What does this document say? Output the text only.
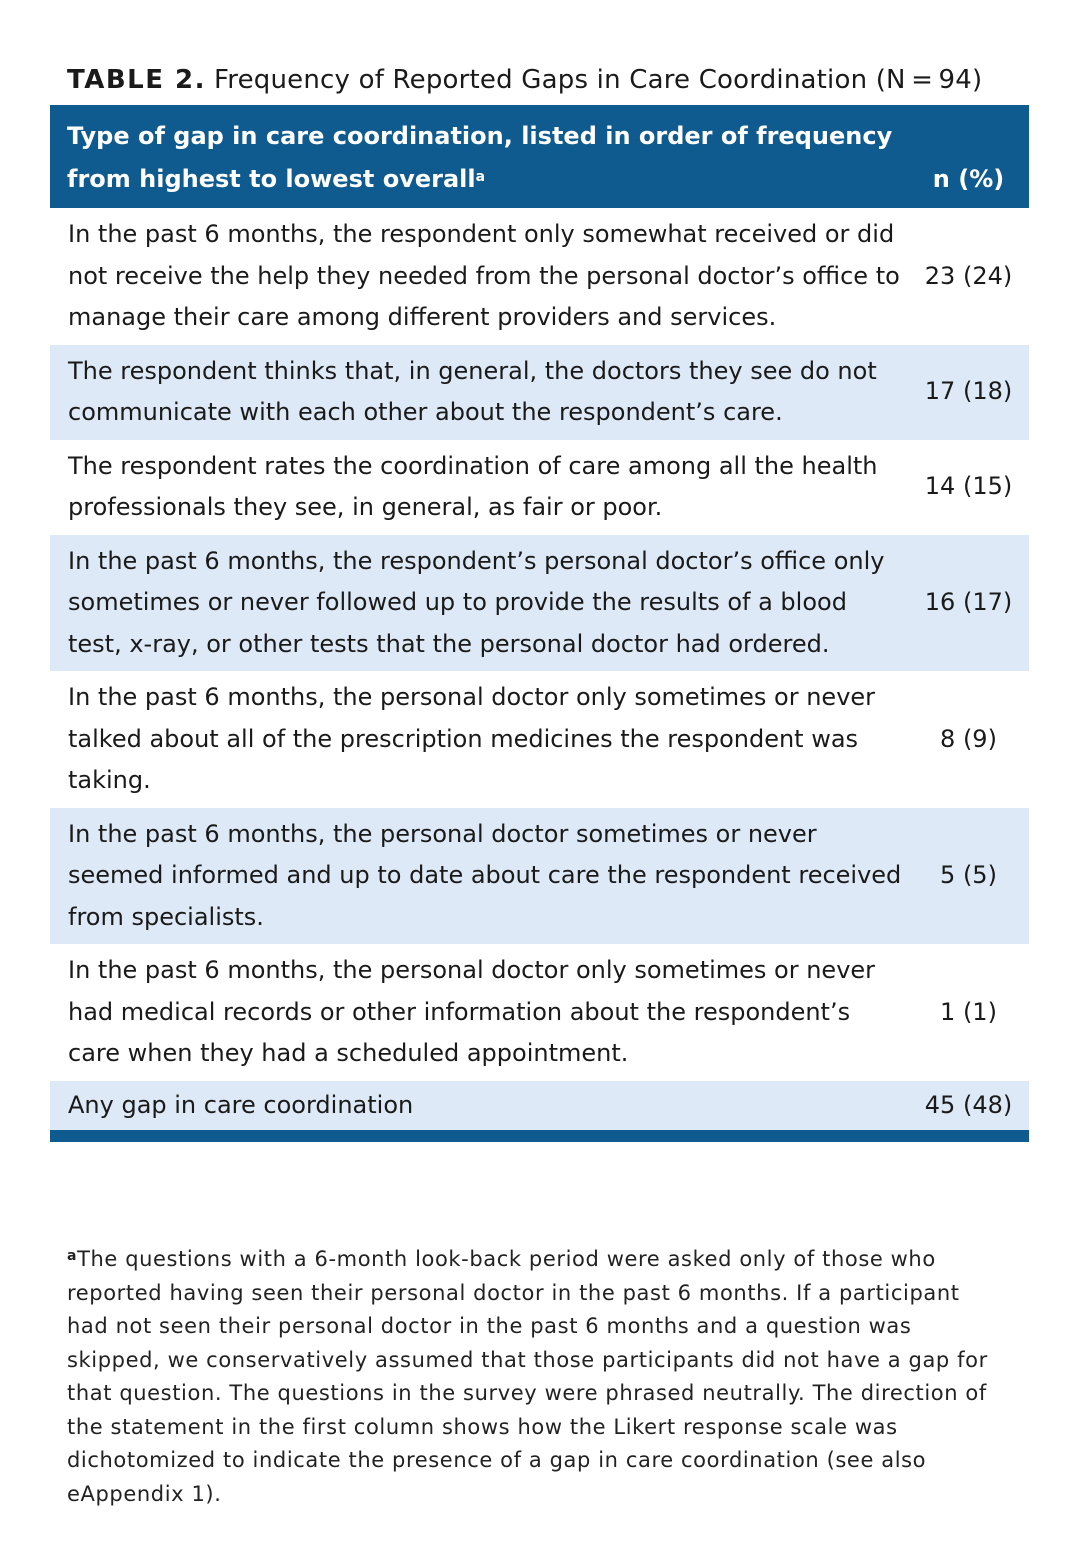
TABLE 2. Frequency of Reported Gaps in Care Coordination (N = 94)
Type of gap in care coordination, listed in order of frequency from highest to lowest overall$^a$	n (%)
In the past 6 months, the respondent only somewhat received or did not receive the help they needed from the personal doctor’s office to manage their care among different providers and services.	23 (24)
The respondent thinks that, in general, the doctors they see do not communicate with each other about the respondent’s care.	17 (18)
The respondent rates the coordination of care among all the health professionals they see, in general, as fair or poor.	14 (15)
In the past 6 months, the respondent’s personal doctor’s office only sometimes or never followed up to provide the results of a blood test, x-ray, or other tests that the personal doctor had ordered.	16 (17)
In the past 6 months, the personal doctor only sometimes or never talked about all of the prescription medicines the respondent was taking.	8 (9)
In the past 6 months, the personal doctor sometimes or never seemed informed and up to date about care the respondent received from specialists.	5 (5)
In the past 6 months, the personal doctor only sometimes or never had medical records or other information about the respondent’s care when they had a scheduled appointment.	1 (1)
Any gap in care coordination	45 (48)
$^a$The questions with a 6-month look-back period were asked only of those who reported having seen their personal doctor in the past 6 months. If a participant had not seen their personal doctor in the past 6 months and a question was skipped, we conservatively assumed that those participants did not have a gap for that question. The questions in the survey were phrased neutrally. The direction of the statement in the first column shows how the Likert response scale was dichotomized to indicate the presence of a gap in care coordination (see also eAppendix 1).
